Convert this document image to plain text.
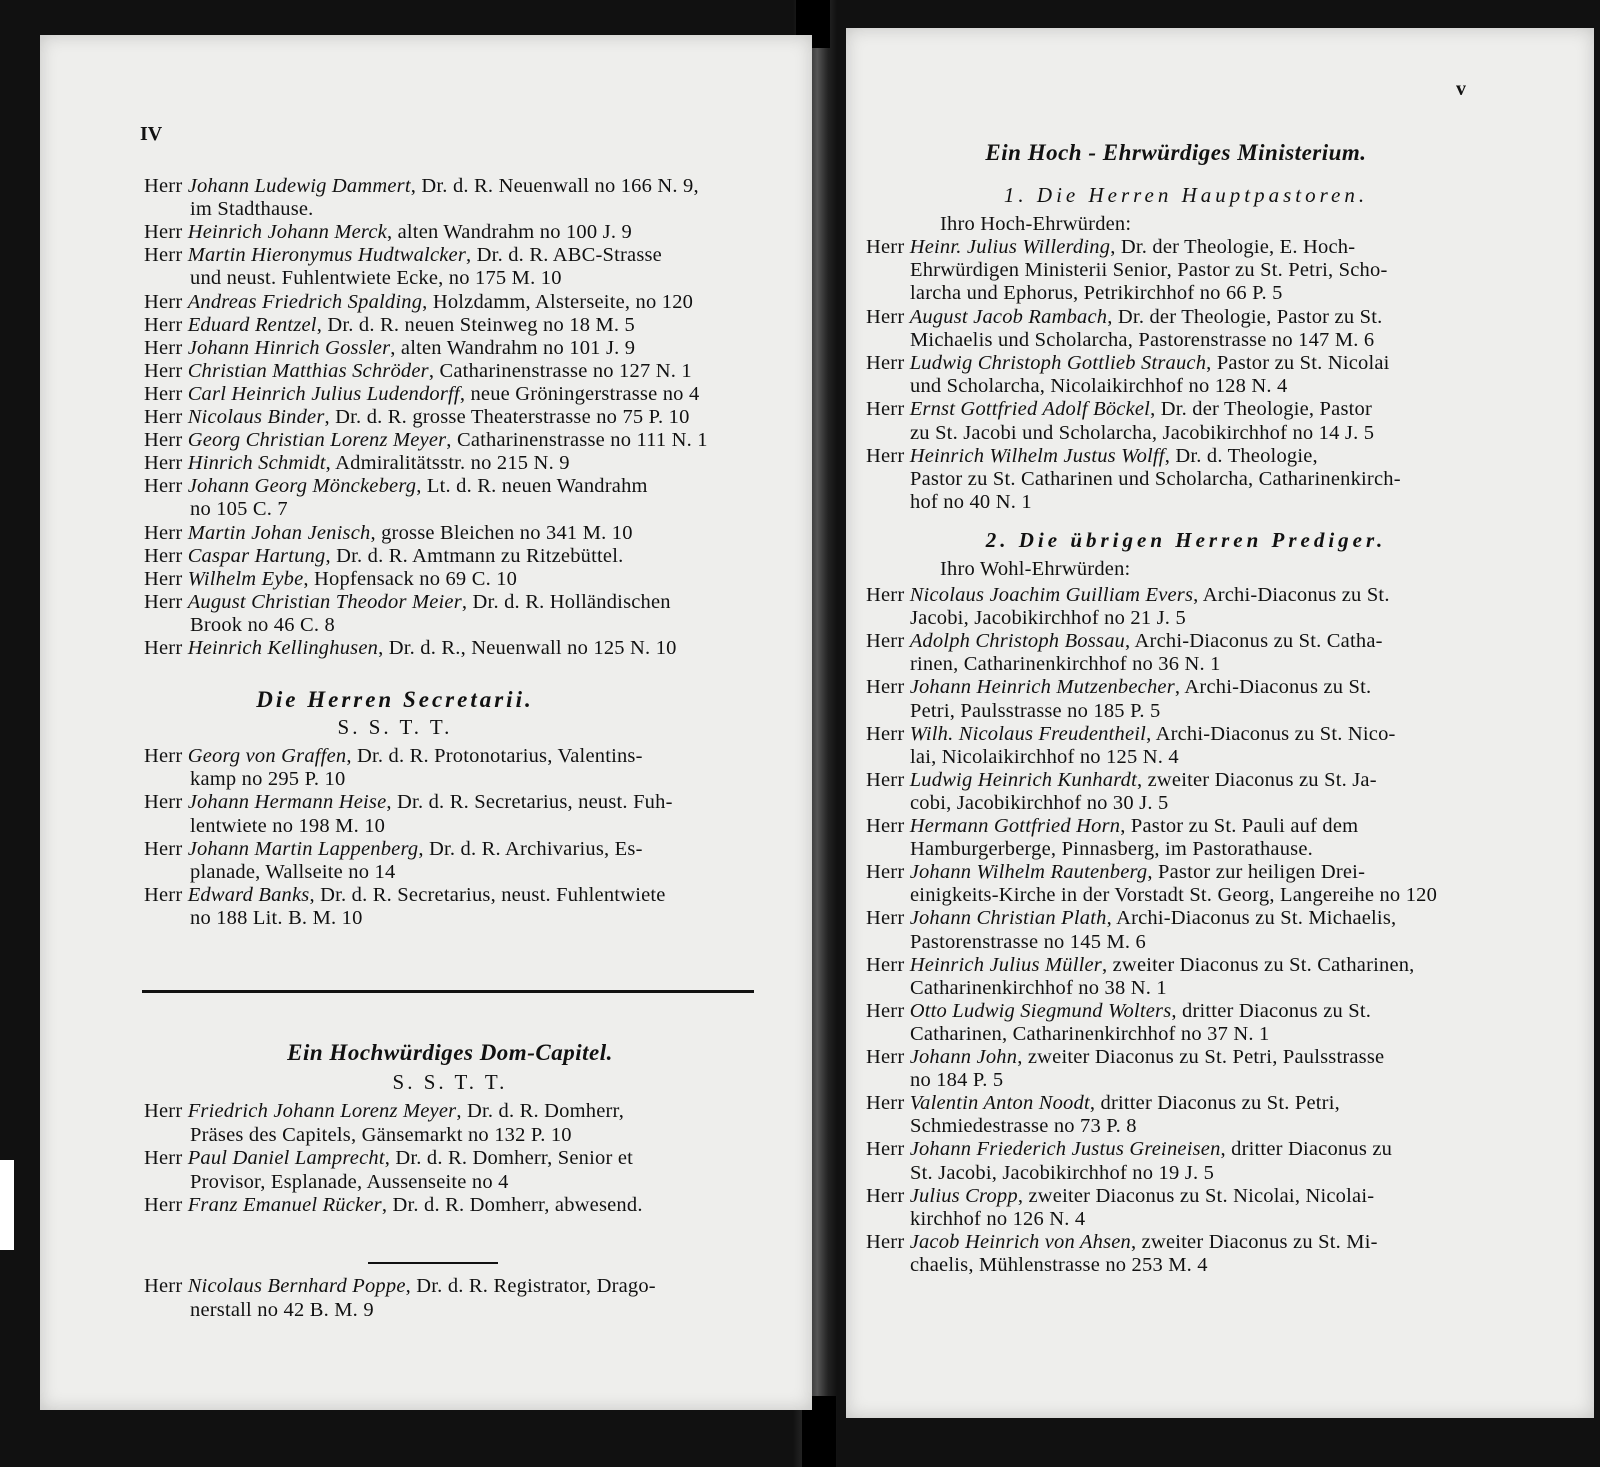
IV
Herr Johann Ludewig Dammert, Dr. d. R. Neuenwall no 166 N. 9,
im Stadthause.
Herr Heinrich Johann Merck, alten Wandrahm no 100 J. 9
Herr Martin Hieronymus Hudtwalcker, Dr. d. R. ABC-Strasse
und neust. Fuhlentwiete Ecke, no 175 M. 10
Herr Andreas Friedrich Spalding, Holzdamm, Alsterseite, no 120
Herr Eduard Rentzel, Dr. d. R. neuen Steinweg no 18 M. 5
Herr Johann Hinrich Gossler, alten Wandrahm no 101 J. 9
Herr Christian Matthias Schröder, Catharinenstrasse no 127 N. 1
Herr Carl Heinrich Julius Ludendorff, neue Gröningerstrasse no 4
Herr Nicolaus Binder, Dr. d. R. grosse Theaterstrasse no 75 P. 10
Herr Georg Christian Lorenz Meyer, Catharinenstrasse no 111 N. 1
Herr Hinrich Schmidt, Admiralitätsstr. no 215 N. 9
Herr Johann Georg Mönckeberg, Lt. d. R. neuen Wandrahm
no 105 C. 7
Herr Martin Johan Jenisch, grosse Bleichen no 341 M. 10
Herr Caspar Hartung, Dr. d. R. Amtmann zu Ritzebüttel.
Herr Wilhelm Eybe, Hopfensack no 69 C. 10
Herr August Christian Theodor Meier, Dr. d. R. Holländischen
Brook no 46 C. 8
Herr Heinrich Kellinghusen, Dr. d. R., Neuenwall no 125 N. 10
Die Herren Secretarii.
S. S. T. T.
Herr Georg von Graffen, Dr. d. R. Protonotarius, Valentins-
kamp no 295 P. 10
Herr Johann Hermann Heise, Dr. d. R. Secretarius, neust. Fuh-
lentwiete no 198 M. 10
Herr Johann Martin Lappenberg, Dr. d. R. Archivarius, Es-
planade, Wallseite no 14
Herr Edward Banks, Dr. d. R. Secretarius, neust. Fuhlentwiete
no 188 Lit. B. M. 10
Ein Hochwürdiges Dom-Capitel.
S. S. T. T.
Herr Friedrich Johann Lorenz Meyer, Dr. d. R. Domherr,
Präses des Capitels, Gänsemarkt no 132 P. 10
Herr Paul Daniel Lamprecht, Dr. d. R. Domherr, Senior et
Provisor, Esplanade, Aussenseite no 4
Herr Franz Emanuel Rücker, Dr. d. R. Domherr, abwesend.
Herr Nicolaus Bernhard Poppe, Dr. d. R. Registrator, Drago-
nerstall no 42 B. M. 9
v
Ein Hoch - Ehrwürdiges Ministerium.
1. Die Herren Hauptpastoren.
Ihro Hoch-Ehrwürden:
Herr Heinr. Julius Willerding, Dr. der Theologie, E. Hoch-
Ehrwürdigen Ministerii Senior, Pastor zu St. Petri, Scho-
larcha und Ephorus, Petrikirchhof no 66 P. 5
Herr August Jacob Rambach, Dr. der Theologie, Pastor zu St.
Michaelis und Scholarcha, Pastorenstrasse no 147 M. 6
Herr Ludwig Christoph Gottlieb Strauch, Pastor zu St. Nicolai
und Scholarcha, Nicolaikirchhof no 128 N. 4
Herr Ernst Gottfried Adolf Böckel, Dr. der Theologie, Pastor
zu St. Jacobi und Scholarcha, Jacobikirchhof no 14 J. 5
Herr Heinrich Wilhelm Justus Wolff, Dr. d. Theologie,
Pastor zu St. Catharinen und Scholarcha, Catharinenkirch-
hof no 40 N. 1
2. Die übrigen Herren Prediger.
Ihro Wohl-Ehrwürden:
Herr Nicolaus Joachim Guilliam Evers, Archi-Diaconus zu St.
Jacobi, Jacobikirchhof no 21 J. 5
Herr Adolph Christoph Bossau, Archi-Diaconus zu St. Catha-
rinen, Catharinenkirchhof no 36 N. 1
Herr Johann Heinrich Mutzenbecher, Archi-Diaconus zu St.
Petri, Paulsstrasse no 185 P. 5
Herr Wilh. Nicolaus Freudentheil, Archi-Diaconus zu St. Nico-
lai, Nicolaikirchhof no 125 N. 4
Herr Ludwig Heinrich Kunhardt, zweiter Diaconus zu St. Ja-
cobi, Jacobikirchhof no 30 J. 5
Herr Hermann Gottfried Horn, Pastor zu St. Pauli auf dem
Hamburgerberge, Pinnasberg, im Pastorathause.
Herr Johann Wilhelm Rautenberg, Pastor zur heiligen Drei-
einigkeits-Kirche in der Vorstadt St. Georg, Langereihe no 120
Herr Johann Christian Plath, Archi-Diaconus zu St. Michaelis,
Pastorenstrasse no 145 M. 6
Herr Heinrich Julius Müller, zweiter Diaconus zu St. Catharinen,
Catharinenkirchhof no 38 N. 1
Herr Otto Ludwig Siegmund Wolters, dritter Diaconus zu St.
Catharinen, Catharinenkirchhof no 37 N. 1
Herr Johann John, zweiter Diaconus zu St. Petri, Paulsstrasse
no 184 P. 5
Herr Valentin Anton Noodt, dritter Diaconus zu St. Petri,
Schmiedestrasse no 73 P. 8
Herr Johann Friederich Justus Greineisen, dritter Diaconus zu
St. Jacobi, Jacobikirchhof no 19 J. 5
Herr Julius Cropp, zweiter Diaconus zu St. Nicolai, Nicolai-
kirchhof no 126 N. 4
Herr Jacob Heinrich von Ahsen, zweiter Diaconus zu St. Mi-
chaelis, Mühlenstrasse no 253 M. 4
